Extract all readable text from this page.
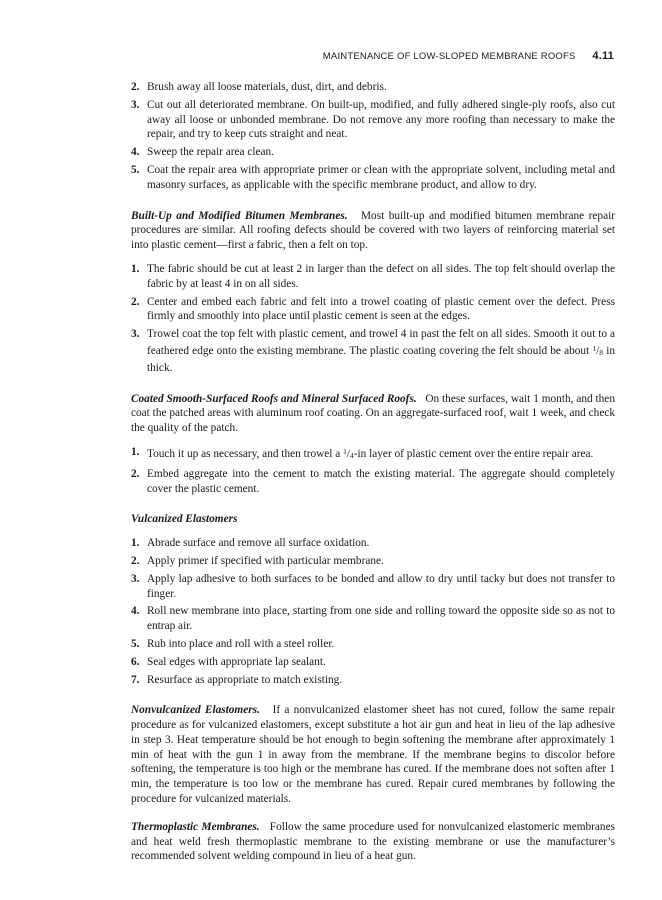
MAINTENANCE OF LOW-SLOPED MEMBRANE ROOFS 4.11
2. Brush away all loose materials, dust, dirt, and debris.
3. Cut out all deteriorated membrane. On built-up, modified, and fully adhered single-ply roofs, also cut away all loose or unbonded membrane. Do not remove any more roofing than necessary to make the repair, and try to keep cuts straight and neat.
4. Sweep the repair area clean.
5. Coat the repair area with appropriate primer or clean with the appropriate solvent, including metal and masonry surfaces, as applicable with the specific membrane product, and allow to dry.

Built-Up and Modified Bitumen Membranes. Most built-up and modified bitumen membrane repair procedures are similar. All roofing defects should be covered with two layers of reinforcing material set into plastic cement—first a fabric, then a felt on top.

1. The fabric should be cut at least 2 in larger than the defect on all sides. The top felt should overlap the fabric by at least 4 in on all sides.
2. Center and embed each fabric and felt into a trowel coating of plastic cement over the defect. Press firmly and smoothly into place until plastic cement is seen at the edges.
3. Trowel coat the top felt with plastic cement, and trowel 4 in past the felt on all sides. Smooth it out to a feathered edge onto the existing membrane. The plastic coating covering the felt should be about $^1/_8$ in thick.

Coated Smooth-Surfaced Roofs and Mineral Surfaced Roofs. On these surfaces, wait 1 month, and then coat the patched areas with aluminum roof coating. On an aggregate-surfaced roof, wait 1 week, and check the quality of the patch.

1. Touch it up as necessary, and then trowel a $^1/_4-in$ layer of plastic cement over the entire repair area.
2. Embed aggregate into the cement to match the existing material. The aggregate should completely cover the plastic cement.
Vulcanized Elastomers
1. Abrade surface and remove all surface oxidation.
2. Apply primer if specified with particular membrane.
3. Apply lap adhesive to both surfaces to be bonded and allow to dry until tacky but does not transfer to finger.
4. Roll new membrane into place, starting from one side and rolling toward the opposite side so as not to entrap air.
5. Rub into place and roll with a steel roller.
6. Seal edges with appropriate lap sealant.
7. Resurface as appropriate to match existing.

Nonvulcanized Elastomers. If a nonvulcanized elastomer sheet has not cured, follow the same repair procedure as for vulcanized elastomers, except substitute a hot air gun and heat in lieu of the lap adhesive in step 3. Heat temperature should be hot enough to begin softening the membrane after approximately 1 min of heat with the gun 1 in away from the membrane. If the membrane begins to discolor before softening, the temperature is too high or the membrane has cured. If the membrane does not soften after 1 min, the temperature is too low or the membrane has cured. Repair cured membranes by following the procedure for vulcanized materials.

Thermoplastic Membranes. Follow the same procedure used for nonvulcanized elastomeric membranes and heat weld fresh thermoplastic membrane to the existing membrane or use the manufacturer’s recommended solvent welding compound in lieu of a heat gun.
